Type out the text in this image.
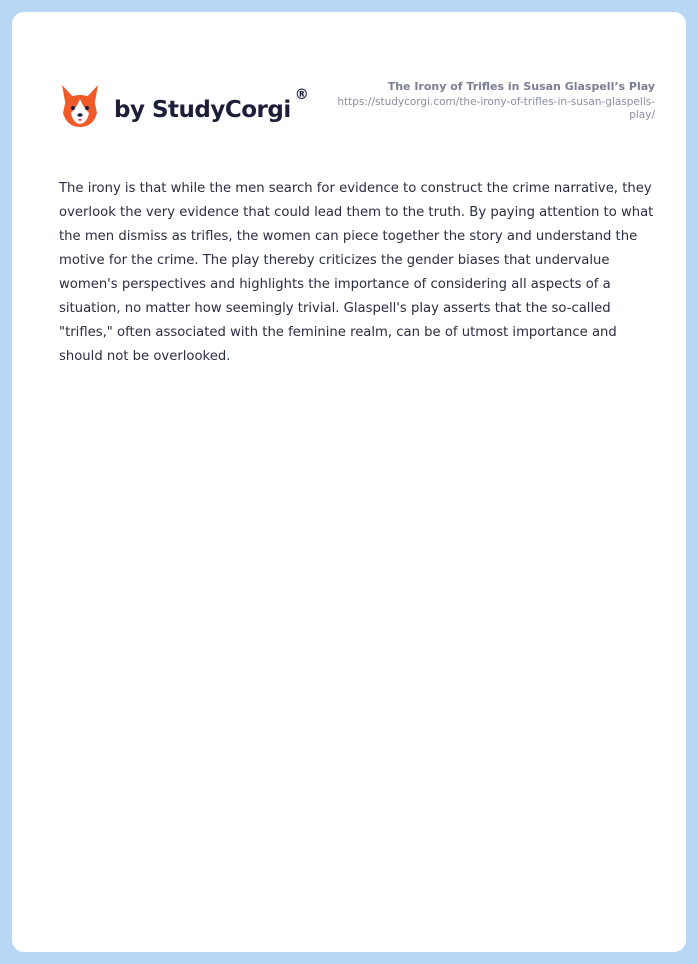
by StudyCorgi
®
The Irony of Trifles in Susan Glaspell’s Play
https://studycorgi.com/the-irony-of-trifles-in-susan-glaspells-play/

The irony is that while the men search for evidence to construct the crime narrative, they overlook the very evidence that could lead them to the truth. By paying attention to what the men dismiss as trifles, the women can piece together the story and understand the motive for the crime. The play thereby criticizes the gender biases that undervalue women's perspectives and highlights the importance of considering all aspects of a situation, no matter how seemingly trivial. Glaspell's play asserts that the so-called "trifles," often associated with the feminine realm, can be of utmost importance and should not be overlooked.
